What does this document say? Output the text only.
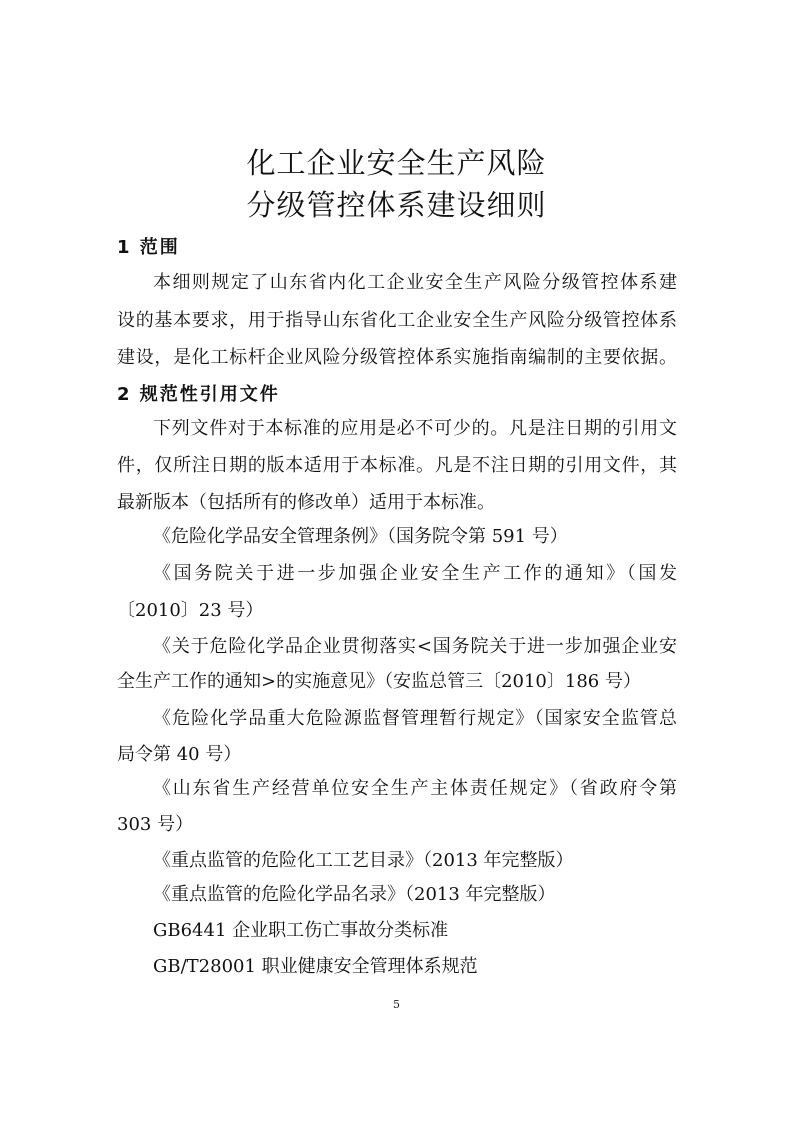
化工企业安全生产风险
分级管控体系建设细则
1 范围
本细则规定了山东省内化工企业安全生产风险分级管控体系建
设的基本要求，用于指导山东省化工企业安全生产风险分级管控体系
建设，是化工标杆企业风险分级管控体系实施指南编制的主要依据。
2 规范性引用文件
下列文件对于本标准的应用是必不可少的。凡是注日期的引用文
件，仅所注日期的版本适用于本标准。凡是不注日期的引用文件，其
最新版本（包括所有的修改单）适用于本标准。
《危险化学品安全管理条例》（国务院令第 591 号）
《国务院关于进一步加强企业安全生产工作的通知》（国发
〔2010〕23 号）
《关于危险化学品企业贯彻落实<国务院关于进一步加强企业安
全生产工作的通知>的实施意见》（安监总管三〔2010〕186 号）
《危险化学品重大危险源监督管理暂行规定》（国家安全监管总
局令第 40 号）
《山东省生产经营单位安全生产主体责任规定》（省政府令第
303 号）
《重点监管的危险化工工艺目录》（2013 年完整版）
《重点监管的危险化学品名录》（2013 年完整版）
GB6441 企业职工伤亡事故分类标准
GB/T28001 职业健康安全管理体系规范
5
